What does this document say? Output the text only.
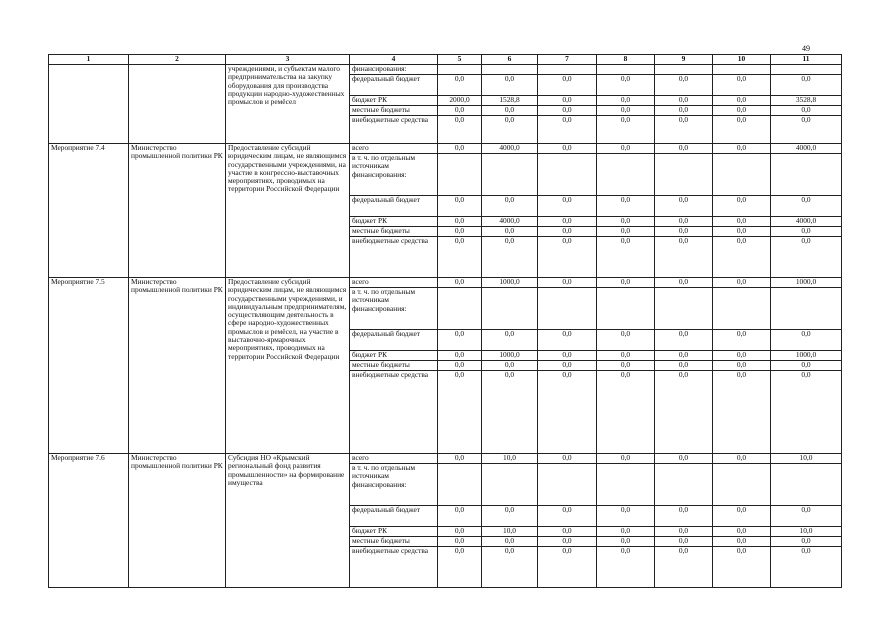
49
1	2	3	4	5	6	7	8	9	10	11
		учреждениями, и субъектам малого предпринимательства на закупку оборудования для производства продукции народно-художественных промыслов и ремёсел	финансирования:							
			федеральный бюджет	0,0	0,0	0,0	0,0	0,0	0,0	0,0
			бюджет РК	2000,0	1528,8	0,0	0,0	0,0	0,0	3528,8
			местные бюджеты	0,0	0,0	0,0	0,0	0,0	0,0	0,0
			внебюджетные средства	0,0	0,0	0,0	0,0	0,0	0,0	0,0
Мероприятие 7.4	Министерство промышленной политики РК	Предоставление субсидий юридическим лицам, не являющимся государственными учреждениями, на участие в конгрессно-выставочных мероприятиях, проводимых на территории Российской Федерации	всего	0,0	4000,0	0,0	0,0	0,0	0,0	4000,0
			в т. ч. по отдельным источникам финансирования:							
			федеральный бюджет	0,0	0,0	0,0	0,0	0,0	0,0	0,0
			бюджет РК	0,0	4000,0	0,0	0,0	0,0	0,0	4000,0
			местные бюджеты	0,0	0,0	0,0	0,0	0,0	0,0	0,0
			внебюджетные средства	0,0	0,0	0,0	0,0	0,0	0,0	0,0
Мероприятие 7.5	Министерство промышленной политики РК	Предоставление субсидий юридическим лицам, не являющимся государственными учреждениями, и индивидуальным предпринимателям, осуществляющим деятельность в сфере народно-художественных промыслов и ремёсел, на участие в выставочно-ярмарочных мероприятиях, проводимых на территории Российской Федерации	всего	0,0	1000,0	0,0	0,0	0,0	0,0	1000,0
			в т. ч. по отдельным источникам финансирования:							
			федеральный бюджет	0,0	0,0	0,0	0,0	0,0	0,0	0,0
			бюджет РК	0,0	1000,0	0,0	0,0	0,0	0,0	1000,0
			местные бюджеты	0,0	0,0	0,0	0,0	0,0	0,0	0,0
			внебюджетные средства	0,0	0,0	0,0	0,0	0,0	0,0	0,0
Мероприятие 7.6	Министерство промышленной политики РК	Субсидия НО «Крымский региональный фонд развития промышленности» на формирование имущества	всего	0,0	10,0	0,0	0,0	0,0	0,0	10,0
			в т. ч. по отдельным источникам финансирования:							
			федеральный бюджет	0,0	0,0	0,0	0,0	0,0	0,0	0,0
			бюджет РК	0,0	10,0	0,0	0,0	0,0	0,0	10,0
			местные бюджеты	0,0	0,0	0,0	0,0	0,0	0,0	0,0
			внебюджетные средства	0,0	0,0	0,0	0,0	0,0	0,0	0,0
